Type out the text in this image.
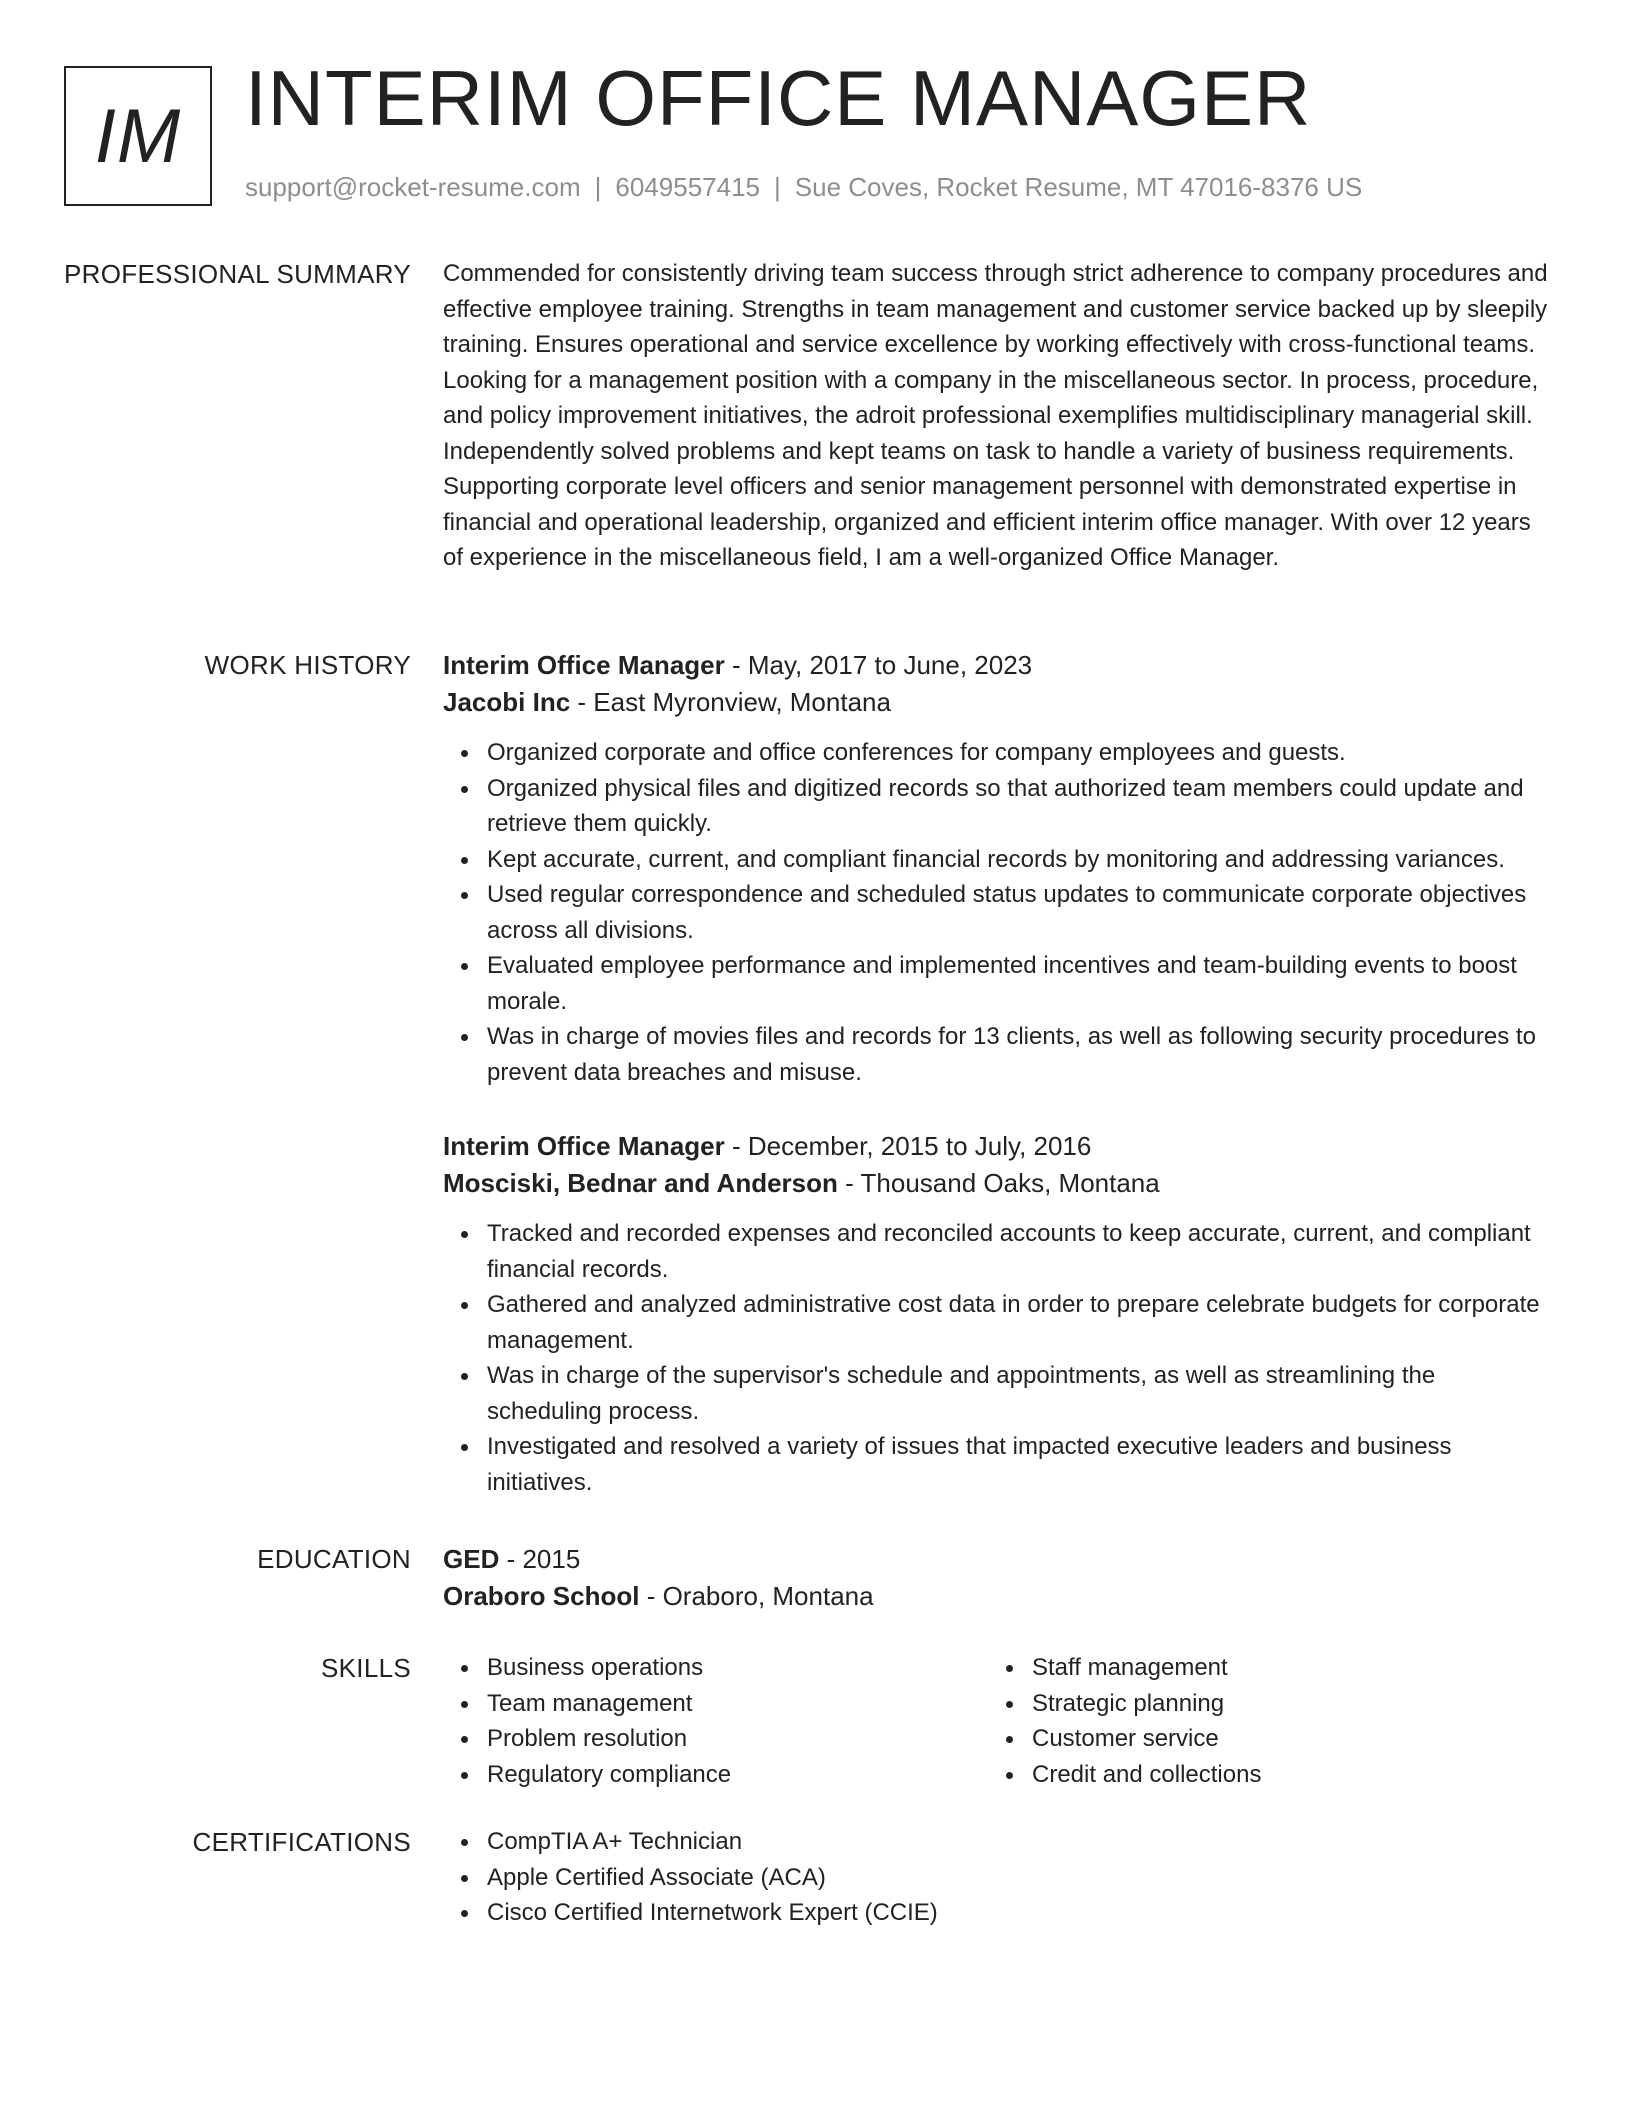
IM INTERIM OFFICE MANAGER
support@rocket-resume.com | 6049557415 | Sue Coves, Rocket Resume, MT 47016-8376 US
PROFESSIONAL SUMMARY Commended for consistently driving team success through strict adherence to company procedures and effective employee training. Strengths in team management and customer service backed up by sleepily training. Ensures operational and service excellence by working effectively with cross-functional teams. Looking for a management position with a company in the miscellaneous sector. In process, procedure, and policy improvement initiatives, the adroit professional exemplifies multidisciplinary managerial skill. Independently solved problems and kept teams on task to handle a variety of business requirements. Supporting corporate level officers and senior management personnel with demonstrated expertise in financial and operational leadership, organized and efficient interim office manager. With over 12 years of experience in the miscellaneous field, I am a well-organized Office Manager.

WORK HISTORY Interim Office Manager - May, 2017 to June, 2023

Jacobi Inc - East Myronview, Montana

Organized corporate and office conferences for company employees and guests.
Organized physical files and digitized records so that authorized team members could update and retrieve them quickly.
Kept accurate, current, and compliant financial records by monitoring and addressing variances.
Used regular correspondence and scheduled status updates to communicate corporate objectives across all divisions.
Evaluated employee performance and implemented incentives and team-building events to boost morale.
Was in charge of movies files and records for 13 clients, as well as following security procedures to prevent data breaches and misuse.

Interim Office Manager - December, 2015 to July, 2016

Mosciski, Bednar and Anderson - Thousand Oaks, Montana

Tracked and recorded expenses and reconciled accounts to keep accurate, current, and compliant financial records.
Gathered and analyzed administrative cost data in order to prepare celebrate budgets for corporate management.
Was in charge of the supervisor's schedule and appointments, as well as streamlining the scheduling process.
Investigated and resolved a variety of issues that impacted executive leaders and business initiatives.
EDUCATION GED - 2015

Oraboro School - Oraboro, Montana

SKILLS	Business operations
Team management
Problem resolution
Regulatory compliance
Staff management
Strategic planning
Customer service
Credit and collections
CERTIFICATIONS	CompTIA A+ Technician
Apple Certified Associate (ACA)
Cisco Certified Internetwork Expert (CCIE)
